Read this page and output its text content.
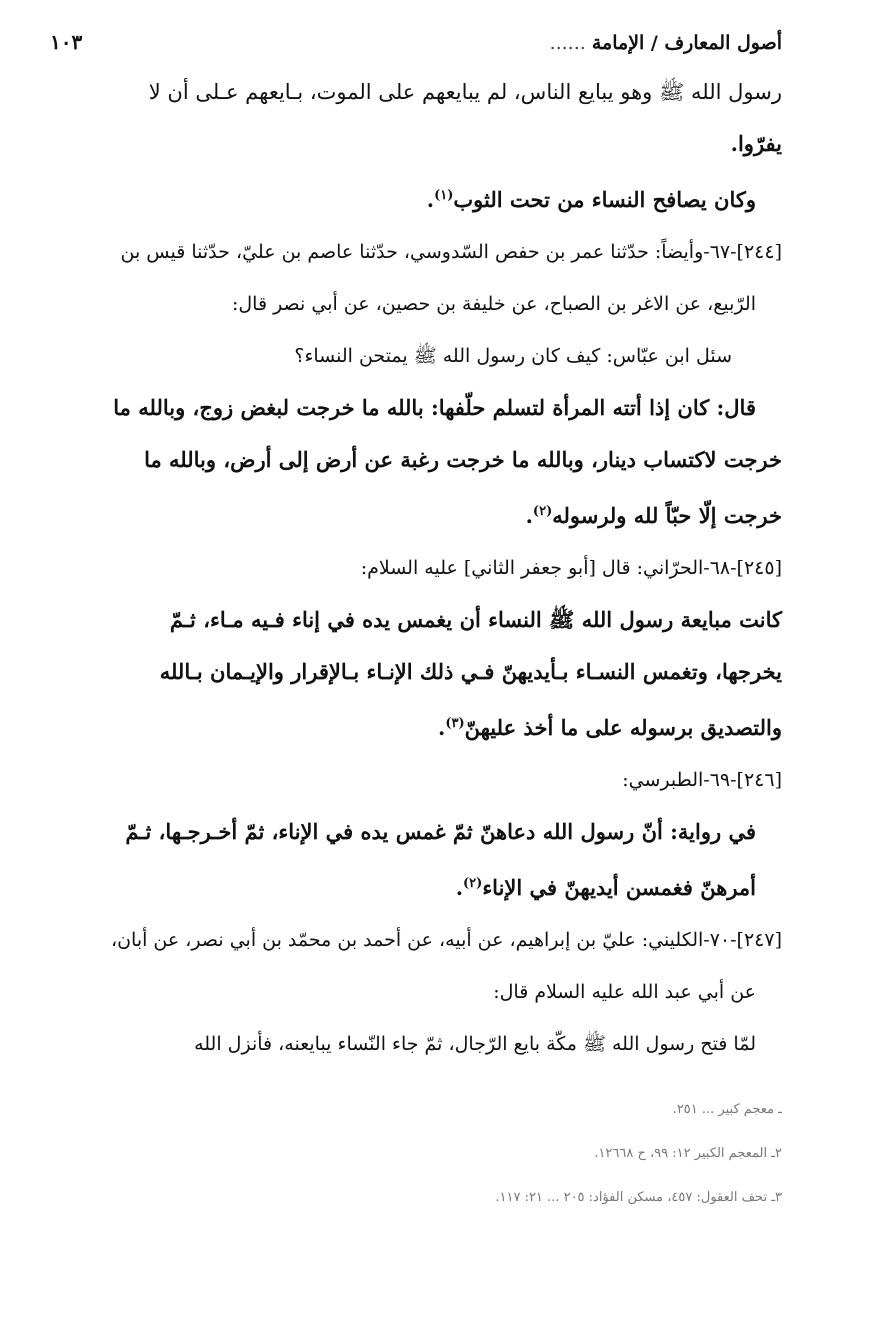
أصول المعارف / الإمامة ......
١٠٣

رسول الله ﷺ وهو يبايع الناس، لم يبايعهم على الموت، بـايعهم عـلى أن لا

يفرّوا.

وكان يصافح النساء من تحت الثوب$^{(١)}$.

[٢٤٤]-٦٧-وأيضاً: حدّثنا عمر بن حفص السّدوسي، حدّثنا عاصم بن عليّ، حدّثنا قيس بن

الرّبيع، عن الاغر بن الصباح، عن خليفة بن حصين، عن أبي نصر قال:

سئل ابن عبّاس: كيف كان رسول الله ﷺ يمتحن النساء؟

قال: كان إذا أتته المرأة لتسلم حلّفها: بالله ما خرجت لبغض زوج، وبالله ما

خرجت لاكتساب دينار، وبالله ما خرجت رغبة عن أرض إلى أرض، وبالله ما

خرجت إلّا حبّاً لله ولرسوله$^{(٢)}$.

[٢٤٥]-٦٨-الحرّاني: قال [أبو جعفر الثاني] عليه السلام:

كانت مبايعة رسول الله ﷺ النساء أن يغمس يده في إناء فـيه مـاء، ثـمّ

يخرجها، وتغمس النسـاء بـأيديهنّ فـي ذلك الإنـاء بـالإقرار والإيـمان بـالله

والتصديق برسوله على ما أخذ عليهنّ$^{(٣)}$.

[٢٤٦]-٦٩-الطبرسي:

في رواية: أنّ رسول الله دعاهنّ ثمّ غمس يده في الإناء، ثمّ أخـرجـها، ثـمّ

أمرهنّ فغمسن أيديهنّ في الإناء$^{(٢)}$.

[٢٤٧]-٧٠-الكليني: عليّ بن إبراهيم، عن أبيه، عن أحمد بن محمّد بن أبي نصر، عن أبان،

عن أبي عبد الله عليه السلام قال:

لمّا فتح رسول الله ﷺ مكّة بايع الرّجال، ثمّ جاء النّساء يبايعنه، فأنزل الله

ـ معجم كبير ... ٢٥١.
٢ـ المعجم الكبير ١٢: ٩٩، ح ١٢٦٦٨.
٣ـ تحف العقول: ٤٥٧، مسكن الفؤاد: ٢٠٥ ... ٢١: ١١٧.
